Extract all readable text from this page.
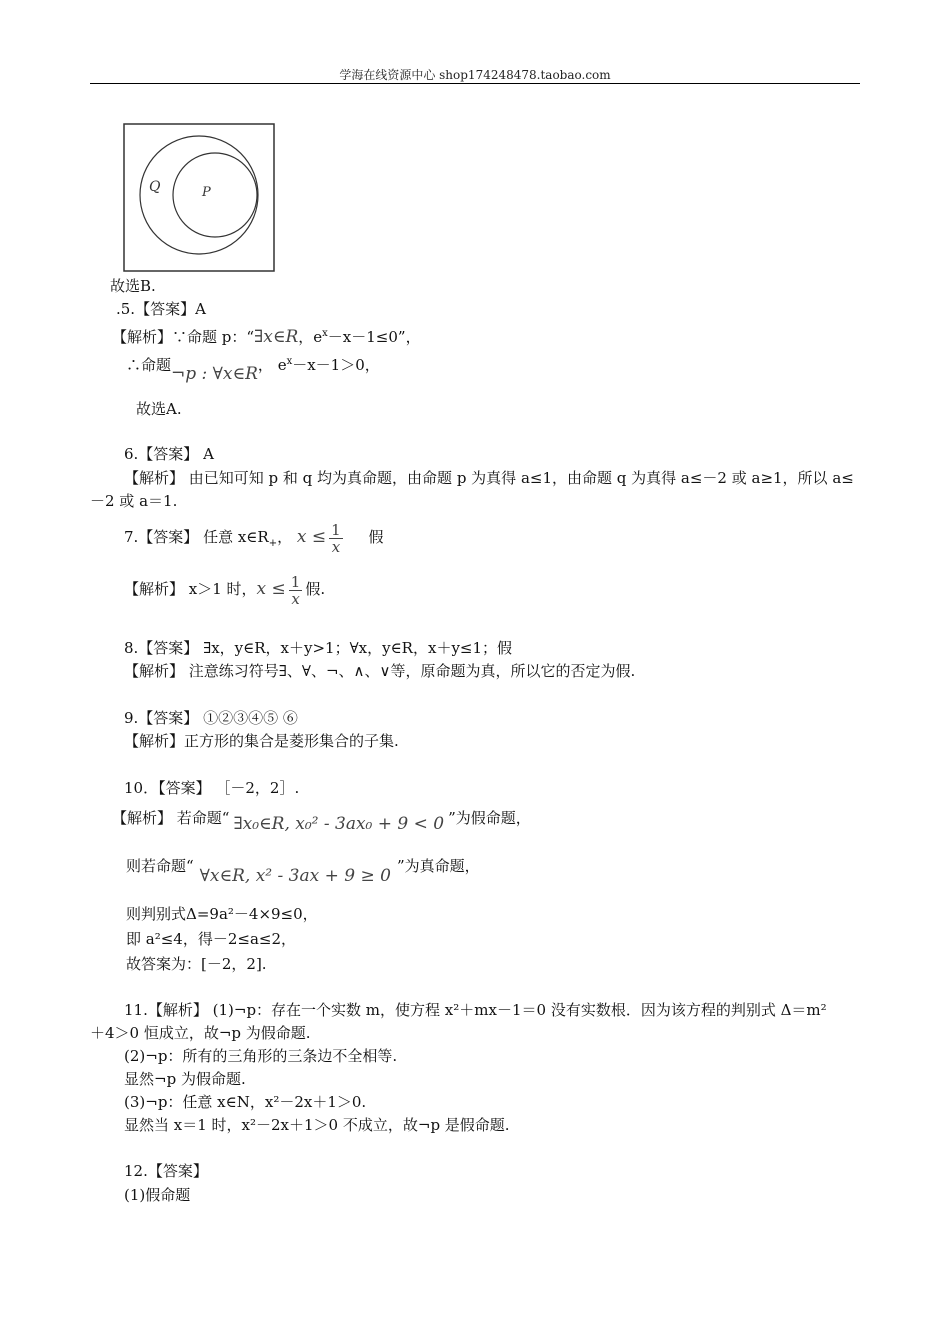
学海在线资源中心 shop174248478.taobao.com
Q	P
故选B.
.5.【答案】A
【解析】∵命题 p：“∃x∈R，$e^x-x-1\le 0$”，
∴命题¬p : ∀x∈R， $e^x-x-1>0$，
故选A.
6.【答案】 A
【解析】 由已知可知 p 和 q 均为真命题，由命题 p 为真得 a≤1，由命题 q 为真得 a≤－2 或 a≥1，所以 a≤
－2 或 a＝1.
7.【答案】 任意 $x\in R_+$， $x \le \frac{1}{x}$ 假
【解析】 x＞1 时，$x \le \frac{1}{x}$ 假.
8.【答案】 ∃x，y∈R，x＋y>1；∀x，y∈R，x＋y≤1；假
【解析】 注意练习符号∃、∀、¬、∧、∨等，原命题为真，所以它的否定为假.
9.【答案】 ①②③④⑤ ⑥
【解析】正方形的集合是菱形集合的子集.
10．【答案】 ［－2，2］.
【解析】 若命题“ ∃x₀∈R, x₀² - 3ax₀ + 9 < 0 ”为假命题，
则若命题“ ∀x∈R, x² - 3ax + 9 ≥ 0 ”为真命题，
则判别式Δ=9a²－4×9≤0，
即 a²≤4，得－2≤a≤2，
故答案为：[－2，2].
11.【解析】 (1)¬p：存在一个实数 m，使方程 x²＋mx－1＝0 没有实数根．因为该方程的判别式 Δ＝m²
＋4＞0 恒成立，故¬p 为假命题.
(2)¬p：所有的三角形的三条边不全相等.
显然¬p 为假命题.
(3)¬p：任意 x∈N，x²－2x＋1＞0.
显然当 x＝1 时，x²－2x＋1＞0 不成立，故¬p 是假命题.
12.【答案】
(1)假命题
